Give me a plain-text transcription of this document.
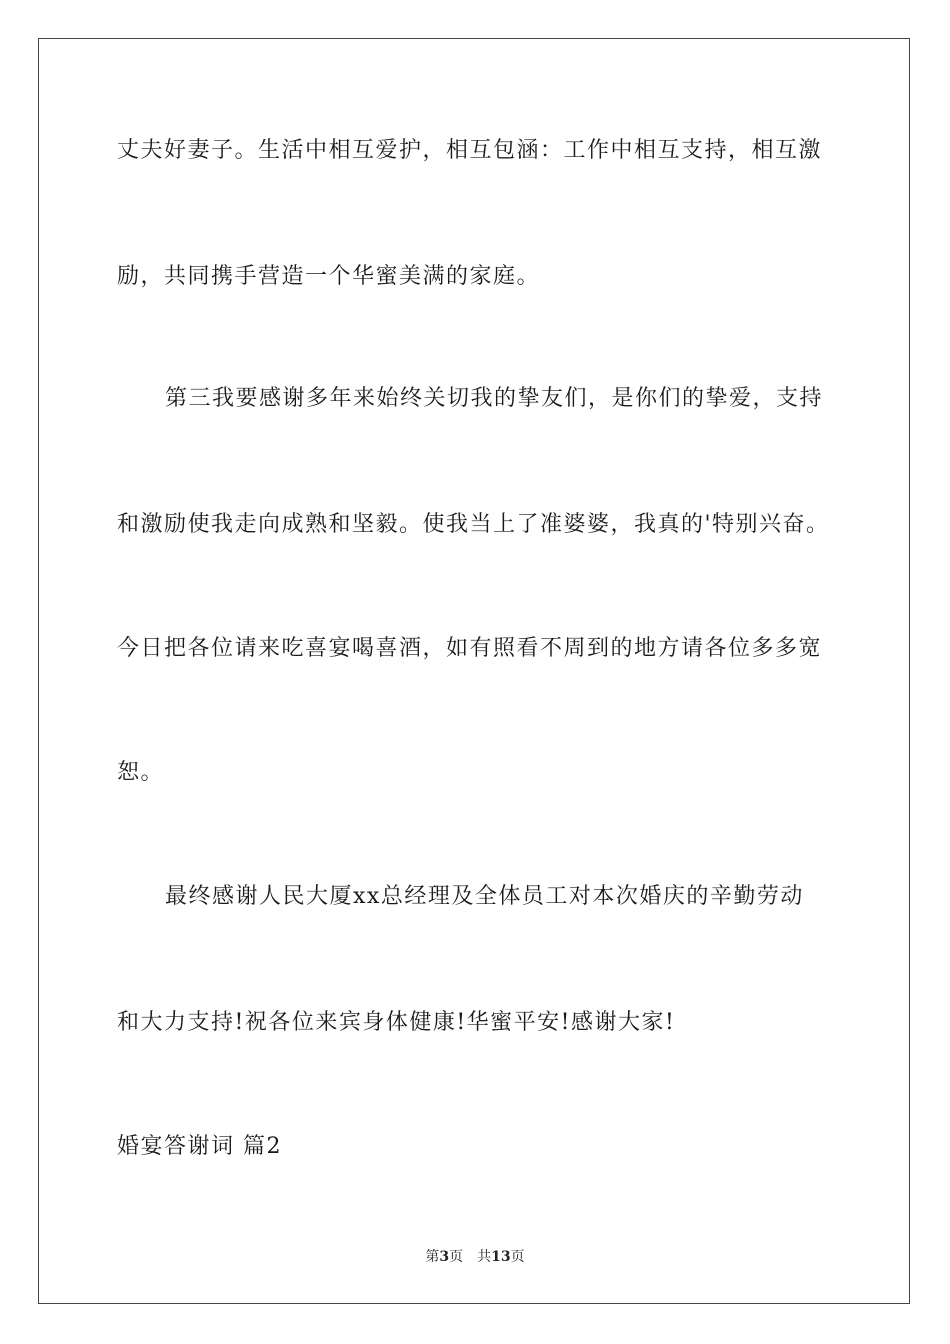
丈夫好妻子。生活中相互爱护，相互包涵：工作中相互支持，相互激
励，共同携手营造一个华蜜美满的家庭。
第三我要感谢多年来始终关切我的挚友们，是你们的挚爱，支持
和激励使我走向成熟和坚毅。使我当上了准婆婆，我真的'特别兴奋。
今日把各位请来吃喜宴喝喜酒，如有照看不周到的地方请各位多多宽
恕。
最终感谢人民大厦xx总经理及全体员工对本次婚庆的辛勤劳动
和大力支持!祝各位来宾身体健康!华蜜平安!感谢大家!
婚宴答谢词 篇2
第3页 共13页
